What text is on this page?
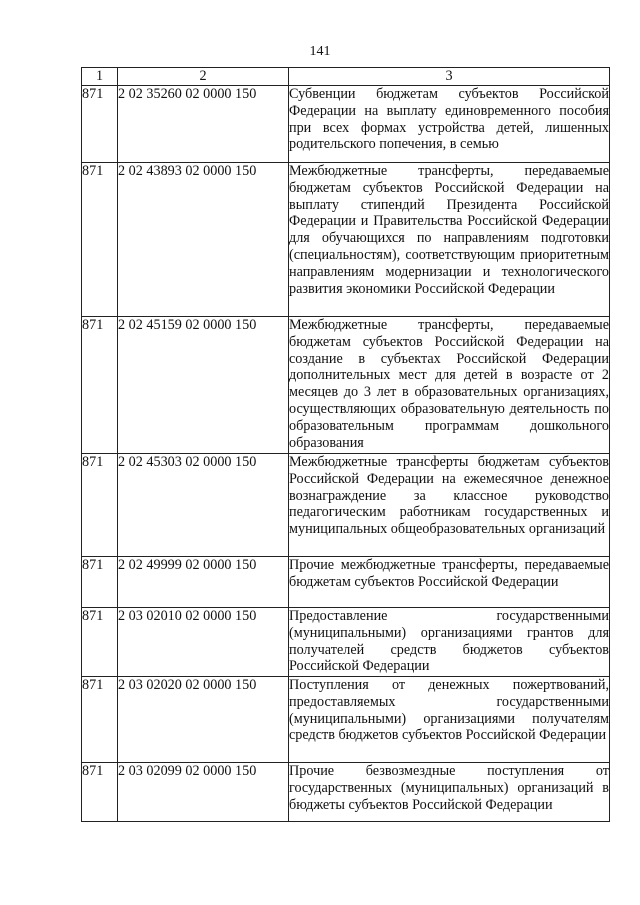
141
1	2	3
871	2 02 35260 02 0000 150	Субвенции бюджетам субъектов Российской Федерации на выплату единовременного пособия при всех формах устройства детей, лишенных родительского попечения, в семью
871	2 02 43893 02 0000 150	Межбюджетные трансферты, передаваемые бюджетам субъектов Российской Федерации на выплату стипендий Президента Российской Федерации и Правительства Российской Федерации для обучающихся по направлениям подготовки (специальностям), соответствующим приоритетным направлениям модернизации и технологического развития экономики Российской Федерации
871	2 02 45159 02 0000 150	Межбюджетные трансферты, передаваемые бюджетам субъектов Российской Федерации на создание в субъектах Российской Федерации дополнительных мест для детей в возрасте от 2 месяцев до 3 лет в образовательных организациях, осуществляющих образовательную деятельность по образовательным программам дошкольного образования
871	2 02 45303 02 0000 150	Межбюджетные трансферты бюджетам субъектов Российской Федерации на ежемесячное денежное вознаграждение за классное руководство педагогическим работникам государственных и муниципальных общеобразовательных организаций
871	2 02 49999 02 0000 150	Прочие межбюджетные трансферты, передаваемые бюджетам субъектов Российской Федерации
871	2 03 02010 02 0000 150	Предоставление государственными (муниципальными) организациями грантов для получателей средств бюджетов субъектов Российской Федерации
871	2 03 02020 02 0000 150	Поступления от денежных пожертвований, предоставляемых государственными (муниципальными) организациями получателям средств бюджетов субъектов Российской Федерации
871	2 03 02099 02 0000 150	Прочие безвозмездные поступления от государственных (муниципальных) организаций в бюджеты субъектов Российской Федерации
